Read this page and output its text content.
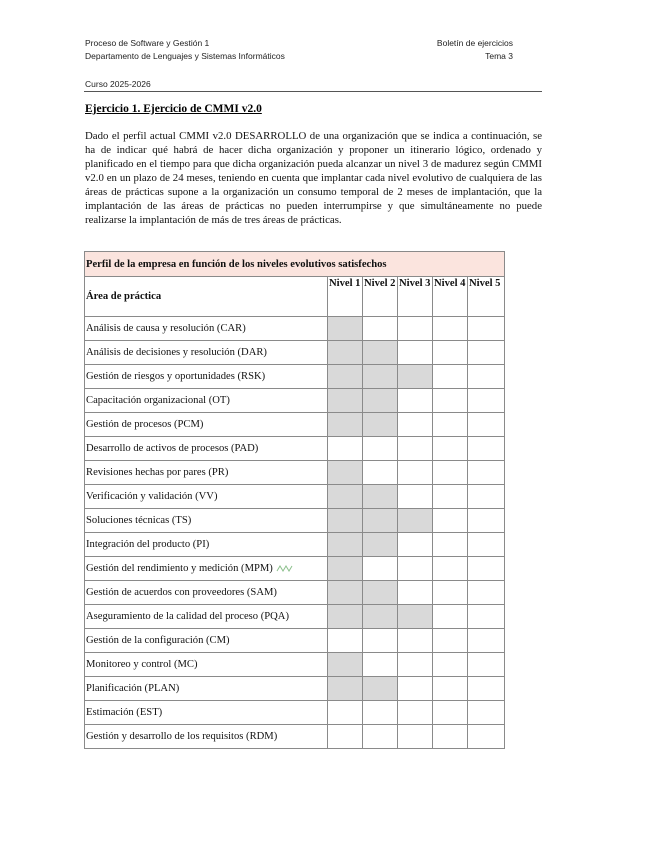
Proceso de Software y Gestión 1
Departamento de Lenguajes y Sistemas Informáticos
Boletín de ejercicios
Tema 3
Curso 2025-2026
Ejercicio 1. Ejercicio de CMMI v2.0
Dado el perfil actual CMMI v2.0 DESARROLLO de una organización que se indica a continuación, se ha de indicar qué habrá de hacer dicha organización y proponer un itinerario lógico, ordenado y planificado en el tiempo para que dicha organización pueda alcanzar un nivel 3 de madurez según CMMI v2.0 en un plazo de 24 meses, teniendo en cuenta que implantar cada nivel evolutivo de cualquiera de las áreas de prácticas supone a la organización un consumo temporal de 2 meses de implantación, que la implantación de las áreas de prácticas no pueden interrumpirse y que simultáneamente no puede realizarse la implantación de más de tres áreas de prácticas.
Perfil de la empresa en función de los niveles evolutivos satisfechos					
Área de práctica	Nivel 1	Nivel 2	Nivel 3	Nivel 4	Nivel 5
Análisis de causa y resolución (CAR)					
Análisis de decisiones y resolución (DAR)					
Gestión de riesgos y oportunidades (RSK)					
Capacitación organizacional (OT)					
Gestión de procesos (PCM)					
Desarrollo de activos de procesos (PAD)					
Revisiones hechas por pares (PR)					
Verificación y validación (VV)					
Soluciones técnicas (TS)					
Integración del producto (PI)					
Gestión del rendimiento y medición (MPM)					
Gestión de acuerdos con proveedores (SAM)					
Aseguramiento de la calidad del proceso (PQA)					
Gestión de la configuración (CM)					
Monitoreo y control (MC)					
Planificación (PLAN)					
Estimación (EST)					
Gestión y desarrollo de los requisitos (RDM)					
